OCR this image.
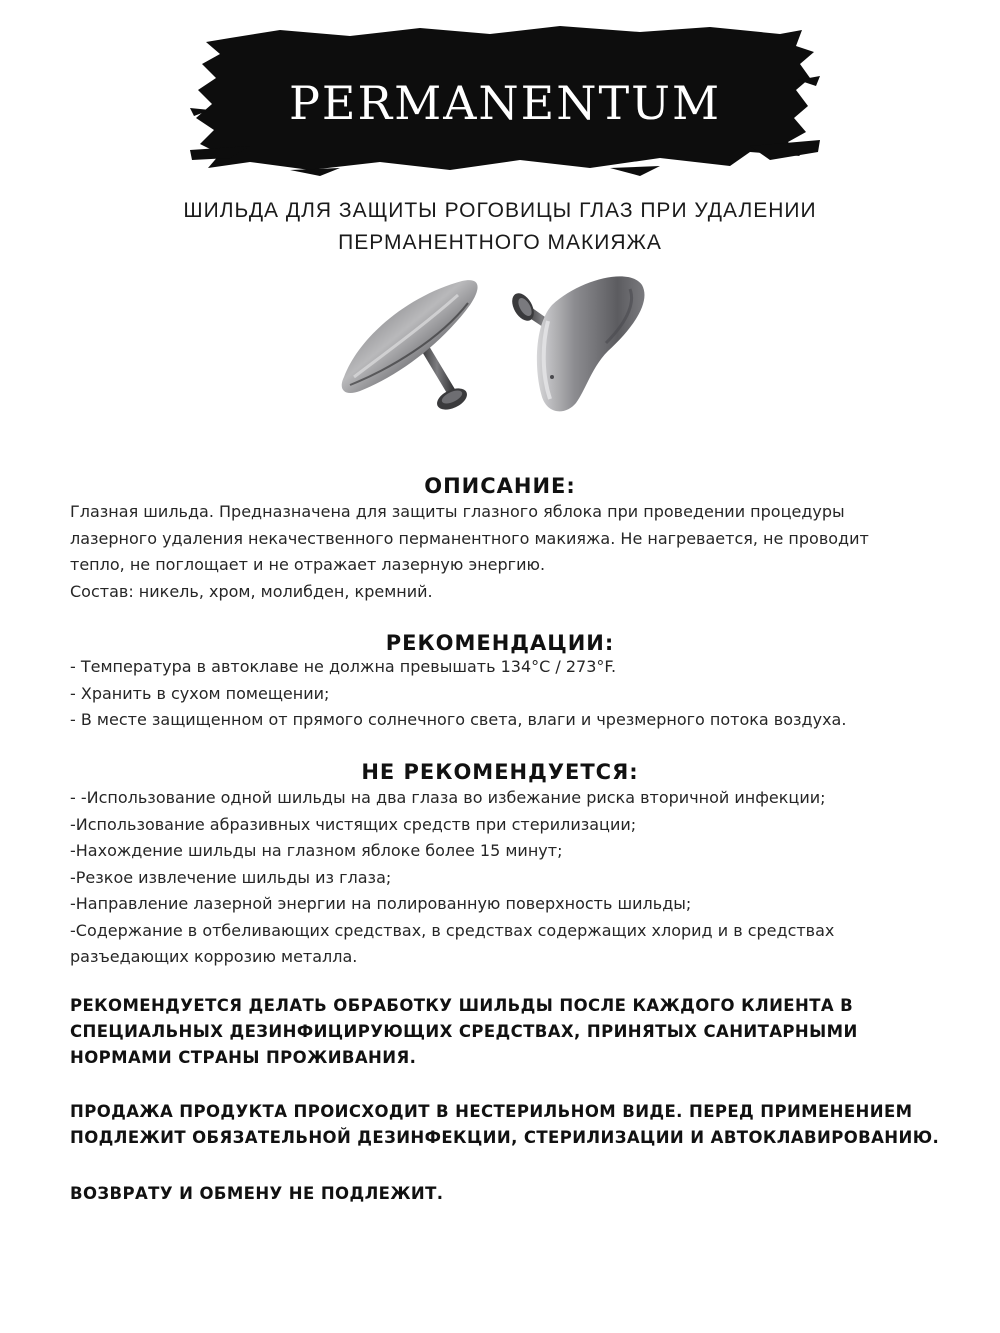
PERMANENTUM
ШИЛЬДА ДЛЯ ЗАЩИТЫ РОГОВИЦЫ ГЛАЗ ПРИ УДАЛЕНИИ
ПЕРМАНЕНТНОГО МАКИЯЖА
ОПИСАНИЕ:
Глазная шильда. Предназначена для защиты глазного яблока при проведении процедуры
лазерного удаления некачественного перманентного макияжа. Не нагревается, не проводит
тепло, не поглощает и не отражает лазерную энергию.
Состав: никель, хром, молибден, кремний.
РЕКОМЕНДАЦИИ:
- Температура в автоклаве не должна превышать 134°С / 273°F.
- Хранить в сухом помещении;
- В месте защищенном от прямого солнечного света, влаги и чрезмерного потока воздуха.
НЕ РЕКОМЕНДУЕТСЯ:
- -Использование одной шильды на два глаза во избежание риска вторичной инфекции;
-Использование абразивных чистящих средств при стерилизации;
-Нахождение шильды на глазном яблоке более 15 минут;
-Резкое извлечение шильды из глаза;
-Направление лазерной энергии на полированную поверхность шильды;
-Содержание в отбеливающих средствах, в средствах содержащих хлорид и в средствах
разъедающих коррозию металла.
РЕКОМЕНДУЕТСЯ ДЕЛАТЬ ОБРАБОТКУ ШИЛЬДЫ ПОСЛЕ КАЖДОГО КЛИЕНТА В
СПЕЦИАЛЬНЫХ ДЕЗИНФИЦИРУЮЩИХ СРЕДСТВАХ, ПРИНЯТЫХ САНИТАРНЫМИ
НОРМАМИ СТРАНЫ ПРОЖИВАНИЯ.
ПРОДАЖА ПРОДУКТА ПРОИСХОДИТ В НЕСТЕРИЛЬНОМ ВИДЕ. ПЕРЕД ПРИМЕНЕНИЕМ
ПОДЛЕЖИТ ОБЯЗАТЕЛЬНОЙ ДЕЗИНФЕКЦИИ, СТЕРИЛИЗАЦИИ И АВТОКЛАВИРОВАНИЮ.
ВОЗВРАТУ И ОБМЕНУ НЕ ПОДЛЕЖИТ.
